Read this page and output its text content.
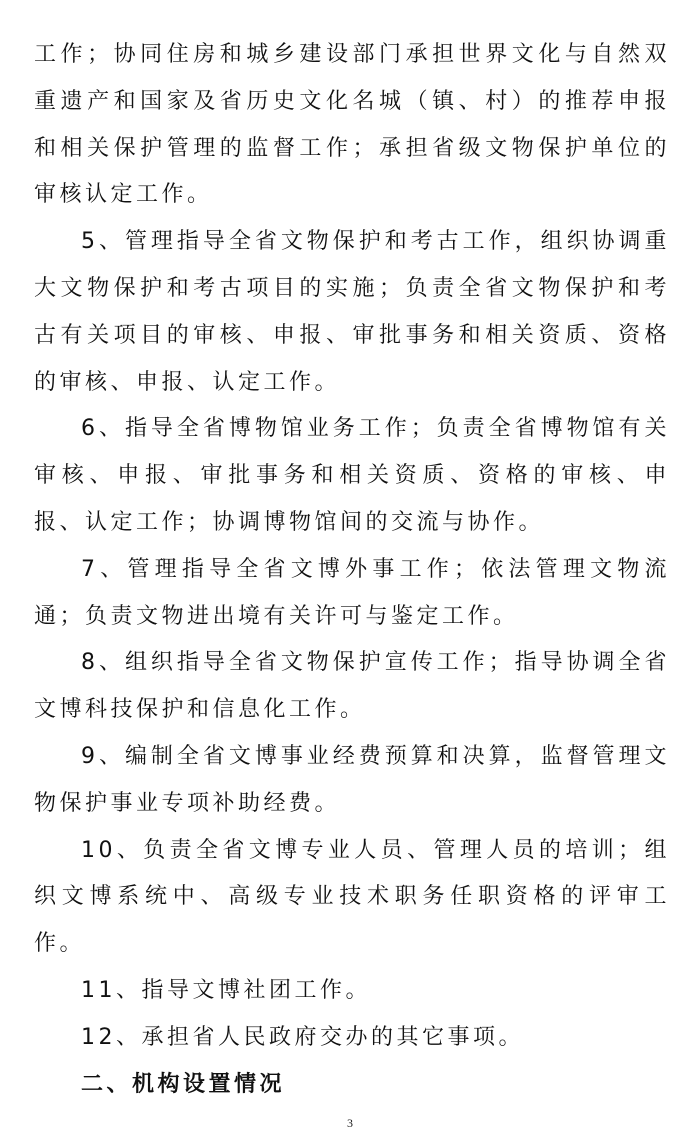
工作；协同住房和城乡建设部门承担世界文化与自然双重遗产和国家及省历史文化名城（镇、村）的推荐申报和相关保护管理的监督工作；承担省级文物保护单位的审核认定工作。

5、管理指导全省文物保护和考古工作，组织协调重大文物保护和考古项目的实施；负责全省文物保护和考古有关项目的审核、申报、审批事务和相关资质、资格的审核、申报、认定工作。

6、指导全省博物馆业务工作；负责全省博物馆有关审核、申报、审批事务和相关资质、资格的审核、申报、认定工作；协调博物馆间的交流与协作。

7、管理指导全省文博外事工作；依法管理文物流通；负责文物进出境有关许可与鉴定工作。

8、组织指导全省文物保护宣传工作；指导协调全省文博科技保护和信息化工作。

9、编制全省文博事业经费预算和决算，监督管理文物保护事业专项补助经费。

10、负责全省文博专业人员、管理人员的培训；组织文博系统中、高级专业技术职务任职资格的评审工作。

11、指导文博社团工作。

12、承担省人民政府交办的其它事项。

二、机构设置情况
3
